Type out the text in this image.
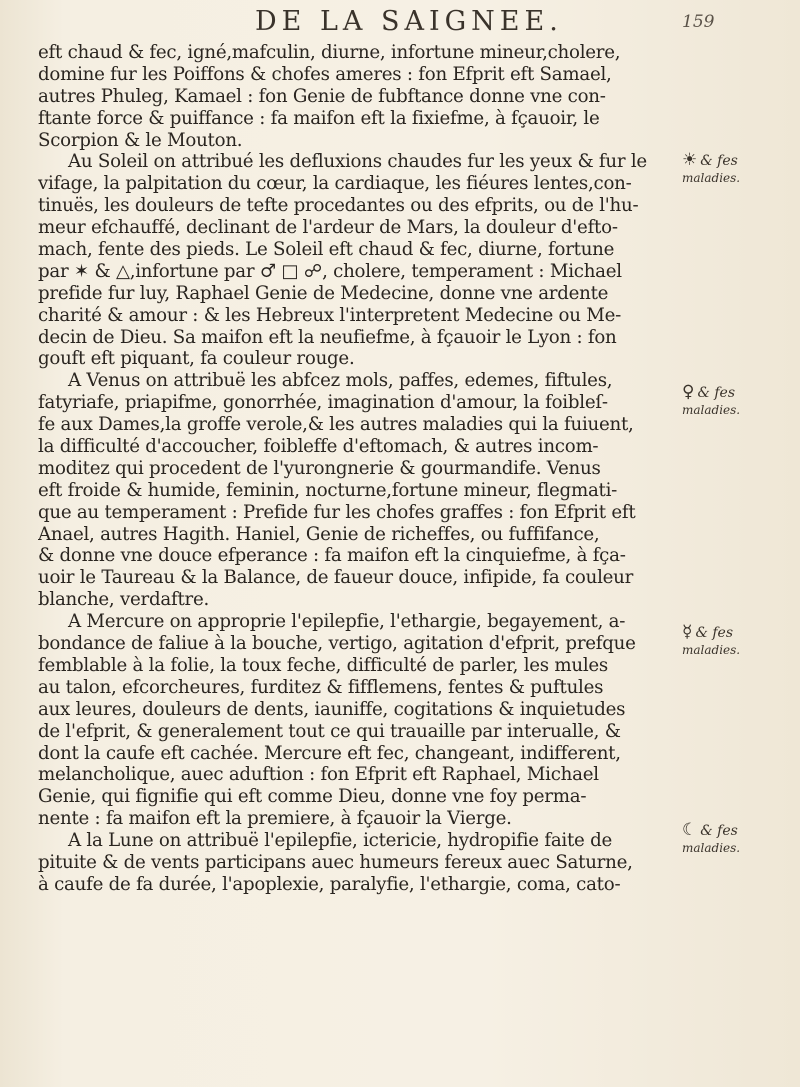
DE LA SAIGNEE.	159
eft chaud & fec, igné,mafculin, diurne, infortune mineur,cholere,
domine fur les Poiffons & chofes ameres : fon Efprit eft Samael,
autres Phuleg, Kamael : fon Genie de fubftance donne vne con-
ftante force & puiffance : fa maifon eft la fixiefme, à fçauoir, le
Scorpion & le Mouton.
Au Soleil on attribué les defluxions chaudes fur les yeux & fur le
vifage, la palpitation du cœur, la cardiaque, les fiéures lentes,con-
tinuës, les douleurs de tefte procedantes ou des efprits, ou de l'hu-
meur efchauffé, declinant de l'ardeur de Mars, la douleur d'efto-
mach, fente des pieds. Le Soleil eft chaud & fec, diurne, fortune
par ✶ & △,infortune par ♂ □ ☍, cholere, temperament : Michael
prefide fur luy, Raphael Genie de Medecine, donne vne ardente
charité & amour : & les Hebreux l'interpretent Medecine ou Me-
decin de Dieu. Sa maifon eft la neufiefme, à fçauoir le Lyon : fon
gouft eft piquant, fa couleur rouge.
A Venus on attribuë les abfcez mols, paffes, edemes, fiftules,
fatyriafe, priapifme, gonorrhée, imagination d'amour, la foibleſ-
fe aux Dames,la groffe verole,& les autres maladies qui la fuiuent,
la difficulté d'accoucher, foibleffe d'eftomach, & autres incom-
moditez qui procedent de l'yurongnerie & gourmandife. Venus
eft froide & humide, feminin, nocturne,fortune mineur, flegmati-
que au temperament : Prefide fur les chofes graffes : fon Efprit eft
Anael, autres Hagith. Haniel, Genie de richeffes, ou fuffifance,
& donne vne douce efperance : fa maifon eft la cinquiefme, à fça-
uoir le Taureau & la Balance, de faueur douce, infipide, fa couleur
blanche, verdaftre.
A Mercure on approprie l'epilepfie, l'ethargie, begayement, a-
bondance de faliue à la bouche, vertigo, agitation d'efprit, prefque
femblable à la folie, la toux feche, difficulté de parler, les mules
au talon, efcorcheures, furditez & fifflemens, fentes & puftules
aux leures, douleurs de dents, iauniffe, cogitations & inquietudes
de l'efprit, & generalement tout ce qui trauaille par interualle, &
dont la caufe eft cachée. Mercure eft fec, changeant, indifferent,
melancholique, auec aduftion : fon Efprit eft Raphael, Michael
Genie, qui fignifie qui eft comme Dieu, donne vne foy perma-
nente : fa maifon eft la premiere, à fçauoir la Vierge.
A la Lune on attribuë l'epilepfie, ictericie, hydropifie faite de
pituite & de vents participans auec humeurs fereux auec Saturne,
à caufe de fa durée, l'apoplexie, paralyfie, l'ethargie, coma, cato-
☀ & fes
maladies.
♀ & fes
maladies.
☿ & fes
maladies.
☾ & fes
maladies.
